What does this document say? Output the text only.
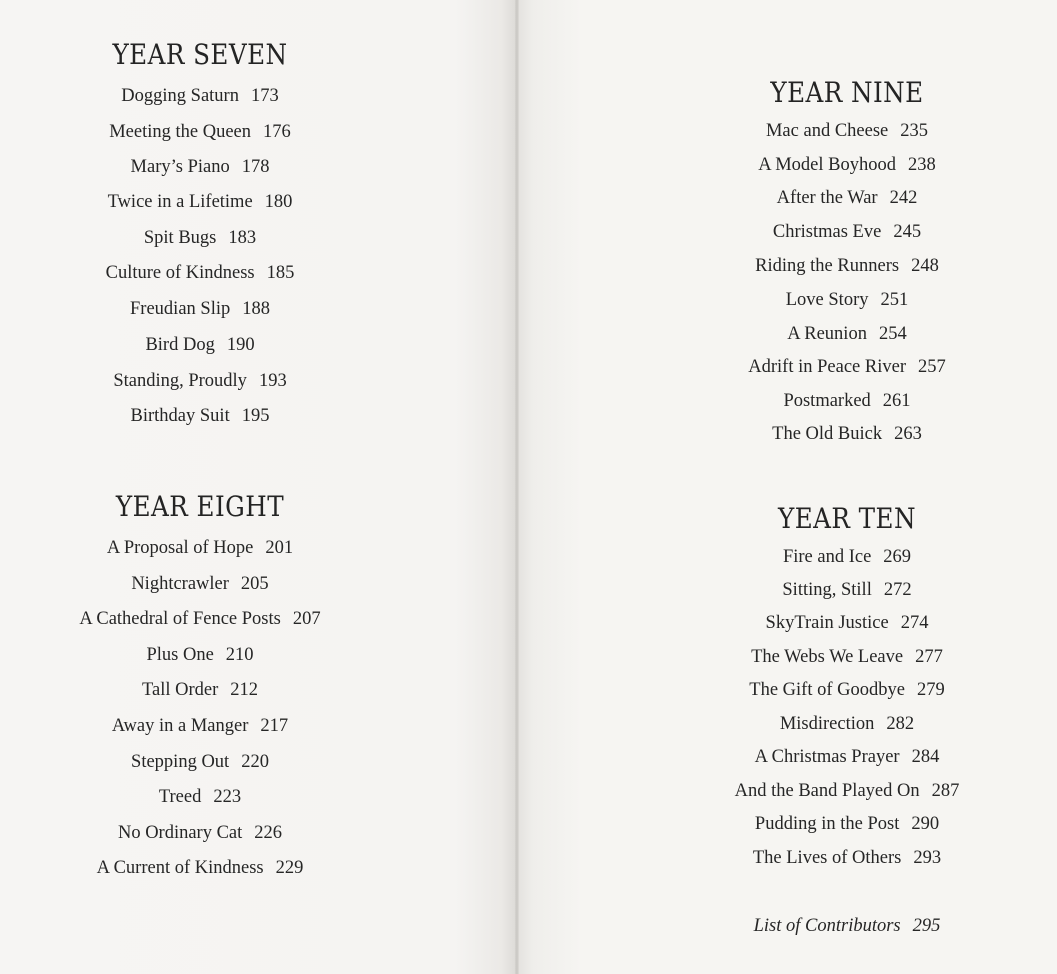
YEAR SEVEN
Dogging Saturn 173
Meeting the Queen 176
Mary’s Piano 178
Twice in a Lifetime 180
Spit Bugs 183
Culture of Kindness 185
Freudian Slip 188
Bird Dog 190
Standing, Proudly 193
Birthday Suit 195
YEAR EIGHT
A Proposal of Hope 201
Nightcrawler 205
A Cathedral of Fence Posts 207
Plus One 210
Tall Order 212
Away in a Manger 217
Stepping Out 220
Treed 223
No Ordinary Cat 226
A Current of Kindness 229
YEAR NINE
Mac and Cheese 235
A Model Boyhood 238
After the War 242
Christmas Eve 245
Riding the Runners 248
Love Story 251
A Reunion 254
Adrift in Peace River 257
Postmarked 261
The Old Buick 263
YEAR TEN
Fire and Ice 269
Sitting, Still 272
SkyTrain Justice 274
The Webs We Leave 277
The Gift of Goodbye 279
Misdirection 282
A Christmas Prayer 284
And the Band Played On 287
Pudding in the Post 290
The Lives of Others 293
List of Contributors 295
